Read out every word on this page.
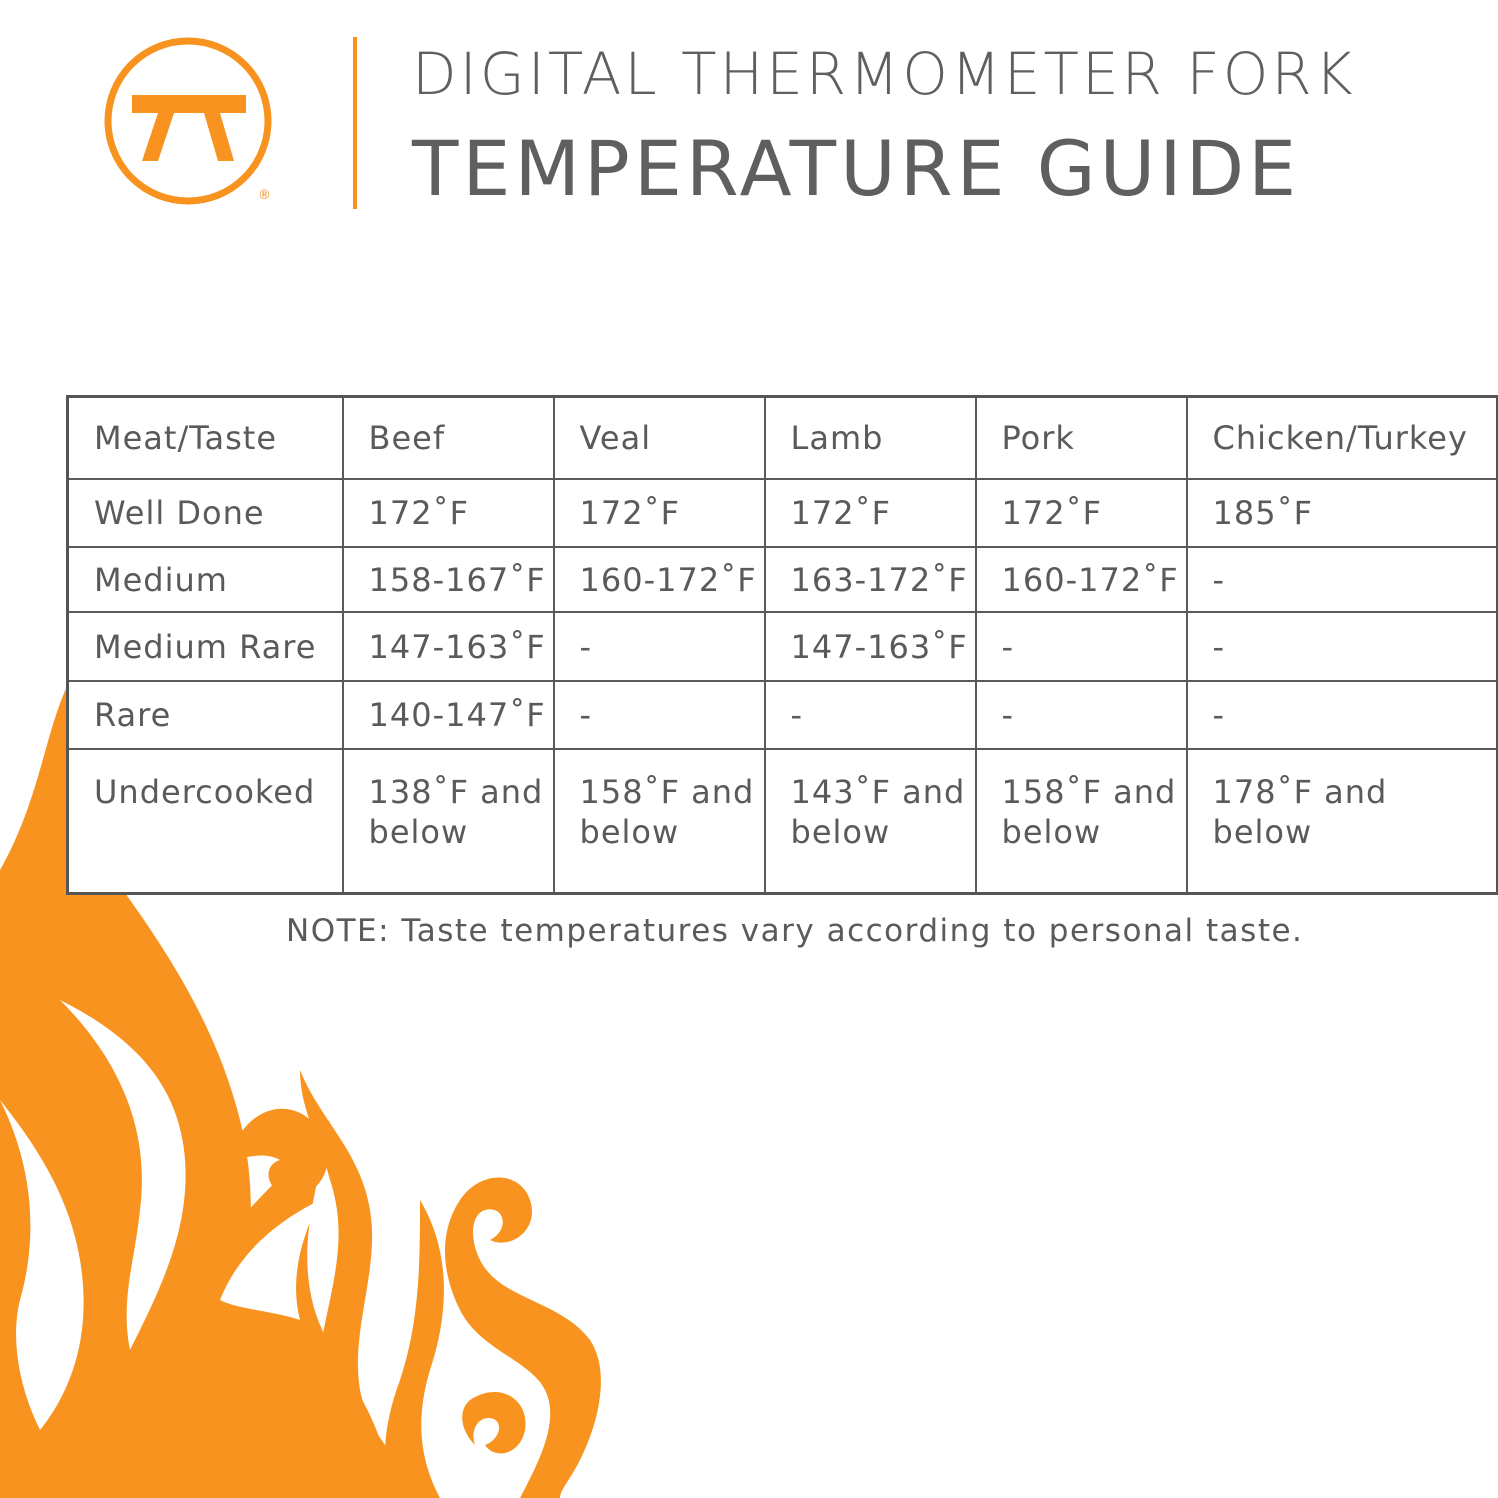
®
DIGITAL THERMOMETER FORK
TEMPERATURE GUIDE
Meat/Taste	Beef	Veal	Lamb	Pork	Chicken/Turkey
Well Done	172˚F	172˚F	172˚F	172˚F	185˚F
Medium	158-167˚F	160-172˚F	163-172˚F	160-172˚F	-
Medium Rare	147-163˚F	-	147-163˚F	-	-
Rare	140-147˚F	-	-	-	-
Undercooked	138˚F and below	158˚F and below	143˚F and below	158˚F and below	178˚F and below
NOTE: Taste temperatures vary according to personal taste.
